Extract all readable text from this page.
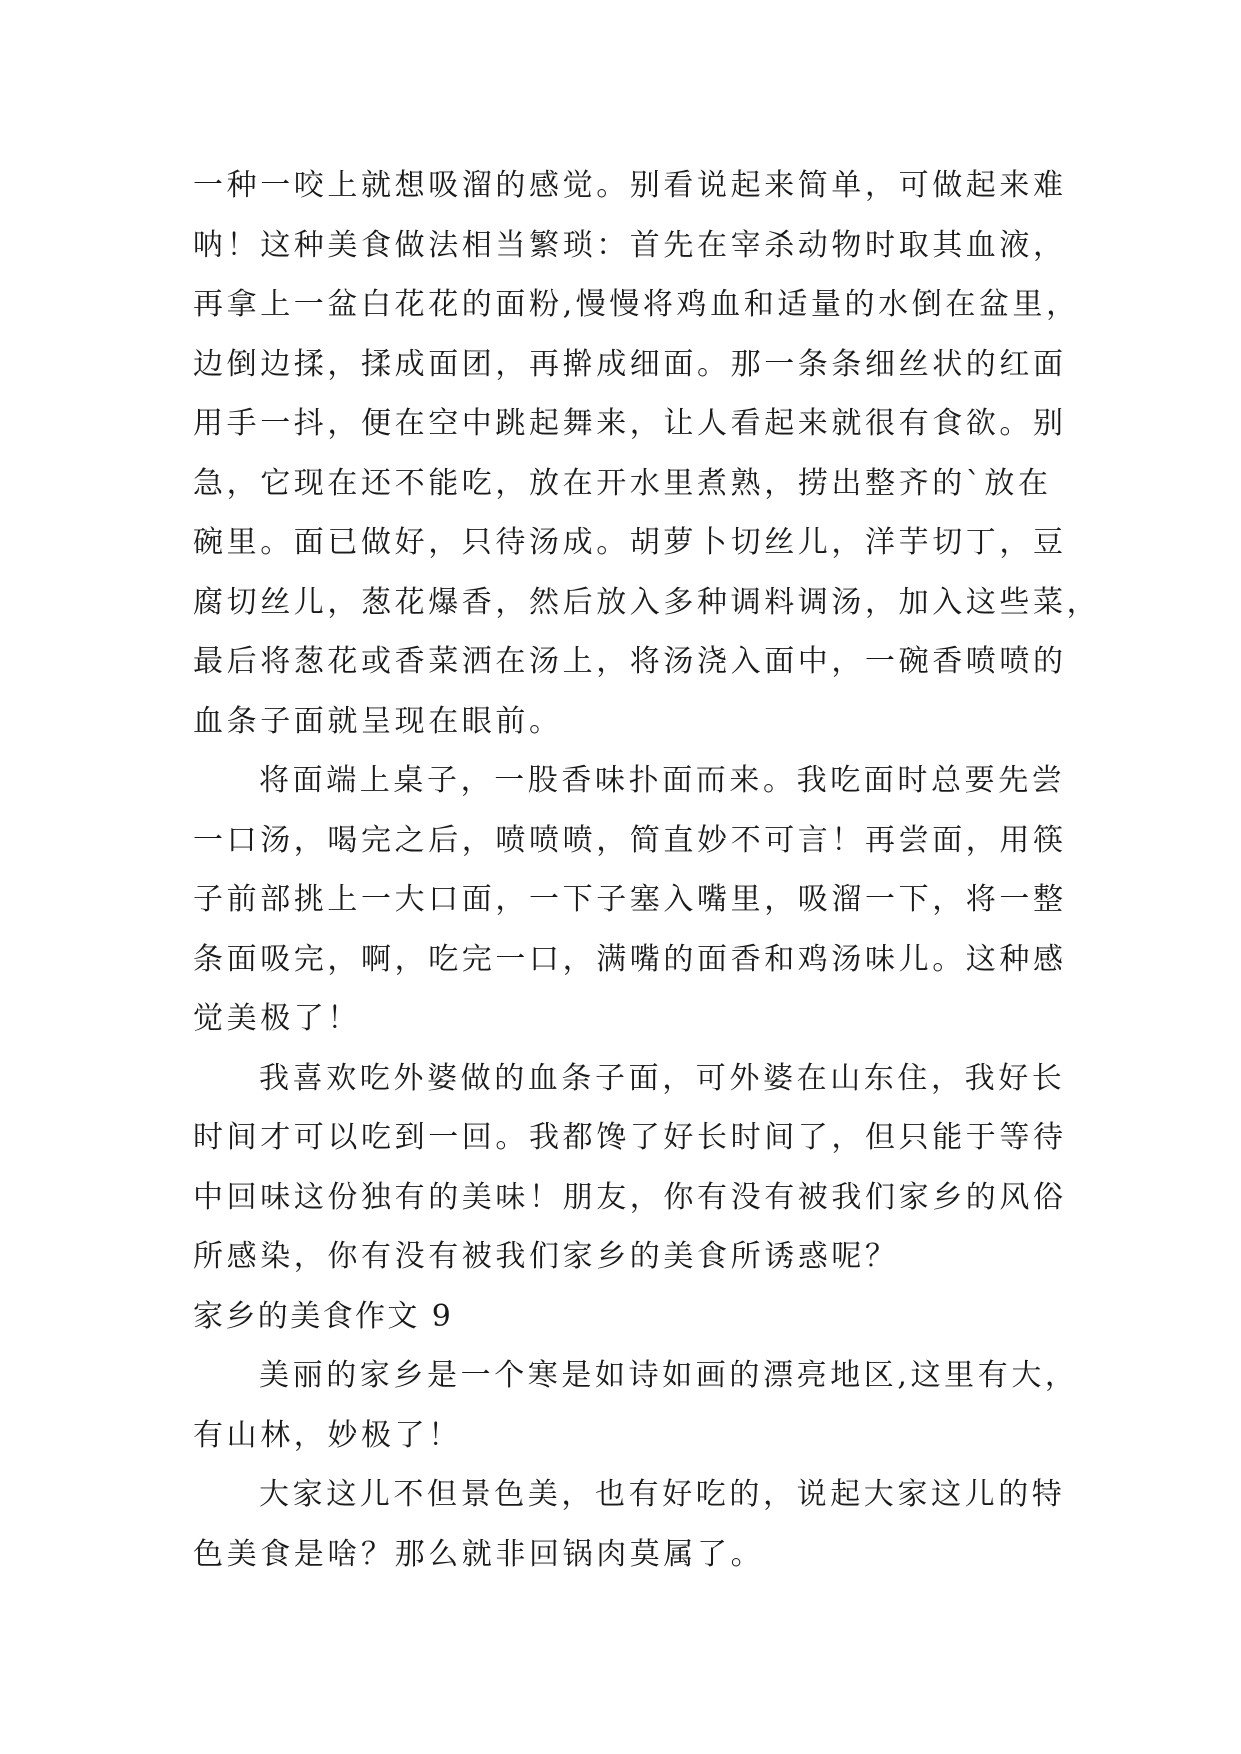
一种一咬上就想吸溜的感觉。别看说起来简单，可做起来难
呐！这种美食做法相当繁琐：首先在宰杀动物时取其血液，
再拿上一盆白花花的面粉,慢慢将鸡血和适量的水倒在盆里，
边倒边揉，揉成面团，再擀成细面。那一条条细丝状的红面
用手一抖，便在空中跳起舞来，让人看起来就很有食欲。别
急，它现在还不能吃，放在开水里煮熟，捞出整齐的`放在
碗里。面已做好，只待汤成。胡萝卜切丝儿，洋芋切丁，豆
腐切丝儿，葱花爆香，然后放入多种调料调汤，加入这些菜，
最后将葱花或香菜洒在汤上，将汤浇入面中，一碗香喷喷的
血条子面就呈现在眼前。
将面端上桌子，一股香味扑面而来。我吃面时总要先尝
一口汤，喝完之后，喷喷喷，简直妙不可言！再尝面，用筷
子前部挑上一大口面，一下子塞入嘴里，吸溜一下，将一整
条面吸完，啊，吃完一口，满嘴的面香和鸡汤味儿。这种感
觉美极了！
我喜欢吃外婆做的血条子面，可外婆在山东住，我好长
时间才可以吃到一回。我都馋了好长时间了，但只能于等待
中回味这份独有的美味！朋友，你有没有被我们家乡的风俗
所感染，你有没有被我们家乡的美食所诱惑呢？
家乡的美食作文 9
美丽的家乡是一个寒是如诗如画的漂亮地区,这里有大，
有山林，妙极了！
大家这儿不但景色美，也有好吃的，说起大家这儿的特
色美食是啥？那么就非回锅肉莫属了。
